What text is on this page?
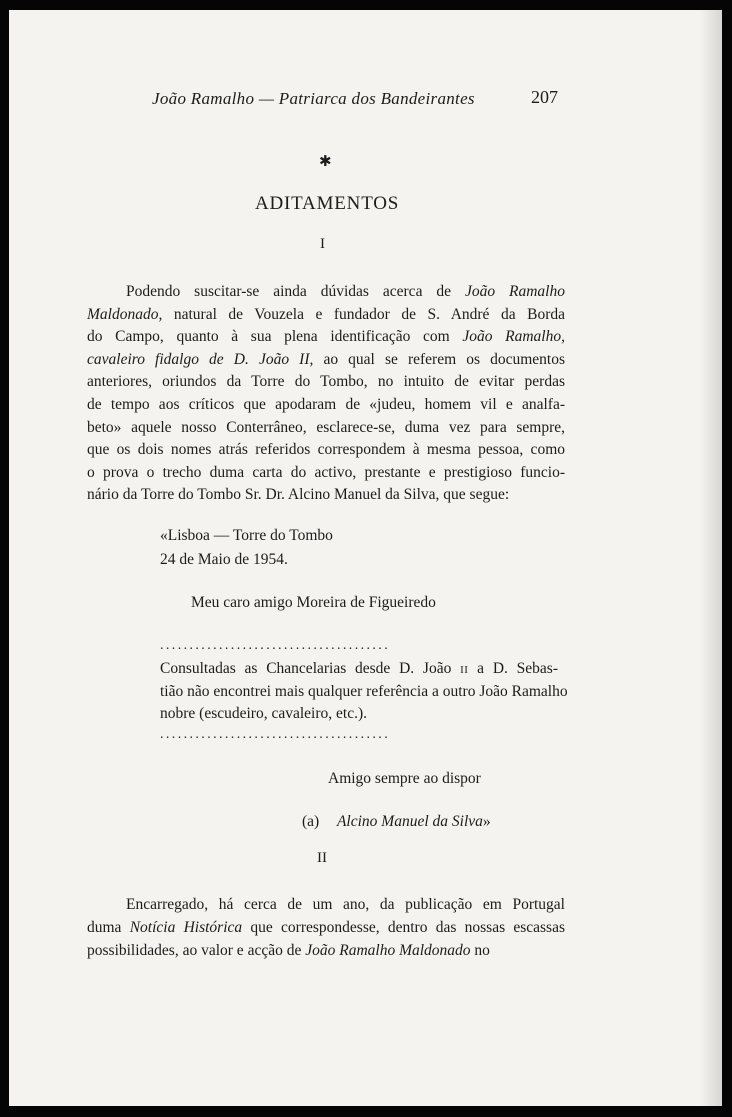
João Ramalho — Patriarca dos Bandeirantes	207
✱
ADITAMENTOS
I
Podendo suscitar-se ainda dúvidas acerca de João Ramalho
Maldonado, natural de Vouzela e fundador de S. André da Borda
do Campo, quanto à sua plena identificação com João Ramalho,
cavaleiro fidalgo de D. João II, ao qual se referem os documentos
anteriores, oriundos da Torre do Tombo, no intuito de evitar perdas
de tempo aos críticos que apodaram de «judeu, homem vil e analfa-
beto» aquele nosso Conterrâneo, esclarece-se, duma vez para sempre,
que os dois nomes atrás referidos correspondem à mesma pessoa, como
o prova o trecho duma carta do activo, prestante e prestigioso funcio-
nário da Torre do Tombo Sr. Dr. Alcino Manuel da Silva, que segue:
«Lisboa — Torre do Tombo
24 de Maio de 1954.
Meu caro amigo Moreira de Figueiredo
.......................................
Consultadas as Chancelarias desde D. João II a D. Sebas-
tião não encontrei mais qualquer referência a outro João Ramalho
nobre (escudeiro, cavaleiro, etc.).
.......................................
Amigo sempre ao dispor
(a) Alcino Manuel da Silva»
II
Encarregado, há cerca de um ano, da publicação em Portugal
duma Notícia Histórica que correspondesse, dentro das nossas escassas
possibilidades, ao valor e acção de João Ramalho Maldonado no
